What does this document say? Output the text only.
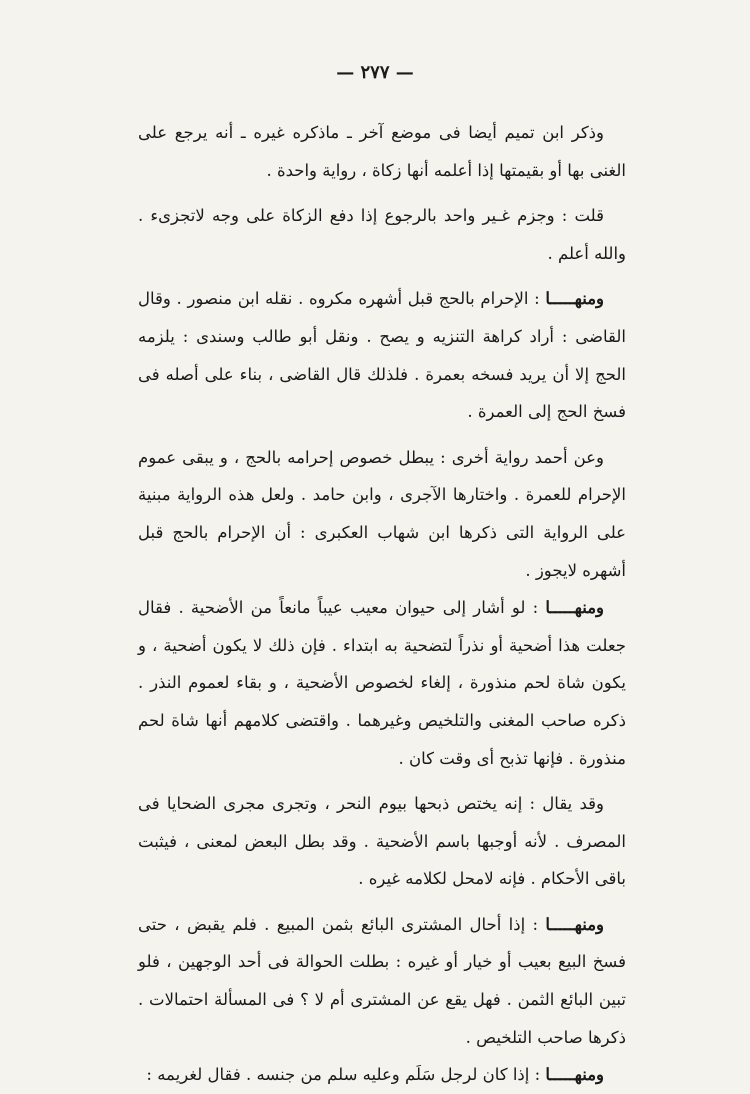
— ٢٧٧ —

وذكر ابن تميم أيضا فى موضع آخر ـ ماذكره غيره ـ أنه يرجع على الغنى بها أو بقيمتها إذا أعلمه أنها زكاة ، رواية واحدة .

قلت : وجزم غـير واحد بالرجوع إذا دفع الزكاة على وجه لاتجزىء . والله أعلم .

ومنهـــــا : الإحرام بالحج قبل أشهره مكروه . نقله ابن منصور . وقال القاضى : أراد كراهة التنزيه و يصح . ونقل أبو طالب وسندى : يلزمه الحج إلا أن يريد فسخه بعمرة . فلذلك قال القاضى ، بناء على أصله فى فسخ الحج إلى العمرة .

وعن أحمد رواية أخرى : يبطل خصوص إحرامه بالحج ، و يبقى عموم الإحرام للعمرة . واختارها الآجرى ، وابن حامد . ولعل هذه الرواية مبنية على الرواية التى ذكرها ابن شهاب العكبرى : أن الإحرام بالحج قبل أشهره لايجوز .

ومنهـــــا : لو أشار إلى حيوان معيب عيباً مانعاً من الأضحية . فقال جعلت هذا أضحية أو نذراً لتضحية به ابتداء . فإن ذلك لا يكون أضحية ، و يكون شاة لحم منذورة ، إلغاء لخصوص الأضحية ، و بقاء لعموم النذر . ذكره صاحب المغنى والتلخيص وغيرهما . واقتضى كلامهم أنها شاة لحم منذورة . فإنها تذبح أى وقت كان .

وقد يقال : إنه يختص ذبحها بيوم النحر ، وتجرى مجرى الضحايا فى المصرف . لأنه أوجبها باسم الأضحية . وقد بطل البعض لمعنى ، فيثبت باقى الأحكام . فإنه لامحل لكلامه غيره .

ومنهـــــا : إذا أحال المشترى البائع بثمن المبيع . فلم يقبض ، حتى فسخ البيع بعيب أو خيار أو غيره : بطلت الحوالة فى أحد الوجهين ، فلو تبين البائع الثمن . فهل يقع عن المشترى أم لا ؟ فى المسألة احتمالات . ذكرها صاحب التلخيص .

ومنهـــــا : إذا كان لرجل سَلَم وعليه سلم من جنسه . فقال لغريمه :
